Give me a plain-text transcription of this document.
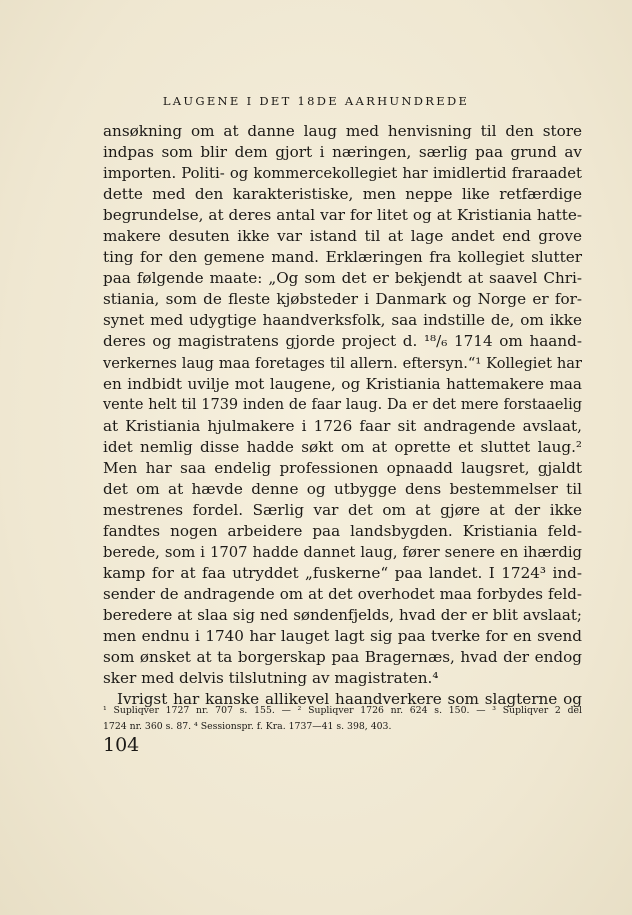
LAUGENE I DET 18DE AARHUNDREDE
ansøkning om at danne laug med henvisning til den store
indpas som blir dem gjort i næringen, særlig paa grund av
importen. Politi- og kommercekollegiet har imidlertid fraraadet
dette med den karakteristiske, men neppe like retfærdige
begrundelse, at deres antal var for litet og at Kristiania hatte-
makere desuten ikke var istand til at lage andet end grove
ting for den gemene mand. Erklæringen fra kollegiet slutter
paa følgende maate: „Og som det er bekjendt at saavel Chri-
stiania, som de fleste kjøbsteder i Danmark og Norge er for-
synet med udygtige haandverksfolk, saa indstille de, om ikke
deres og magistratens gjorde project d. ¹⁸/₆ 1714 om haand-
verkernes laug maa foretages til allern. eftersyn.“¹ Kollegiet har
en indbidt uvilje mot laugene, og Kristiania hattemakere maa
vente helt til 1739 inden de faar laug. Da er det mere forstaaelig
at Kristiania hjulmakere i 1726 faar sit andragende avslaat,
idet nemlig disse hadde søkt om at oprette et sluttet laug.²
Men har saa endelig professionen opnaadd laugsret, gjaldt
det om at hævde denne og utbygge dens bestemmelser til
mestrenes fordel. Særlig var det om at gjøre at der ikke
fandtes nogen arbeidere paa landsbygden. Kristiania feld-
berede, som i 1707 hadde dannet laug, fører senere en ihærdig
kamp for at faa utryddet „fuskerne“ paa landet. I 1724³ ind-
sender de andragende om at det overhodet maa forbydes feld-
beredere at slaa sig ned søndenfjelds, hvad der er blit avslaat;
men endnu i 1740 har lauget lagt sig paa tverke for en svend
som ønsket at ta borgerskap paa Bragernæs, hvad der endog
sker med delvis tilslutning av magistraten.⁴
Ivrigst har kanske allikevel haandverkere som slagterne og
¹ Supliqver 1727 nr. 707 s. 155. — ² Supliqver 1726 nr. 624 s. 150. — ³ Supliqver 2 del
1724 nr. 360 s. 87. ⁴ Sessionspr. f. Kra. 1737—41 s. 398, 403.
104
